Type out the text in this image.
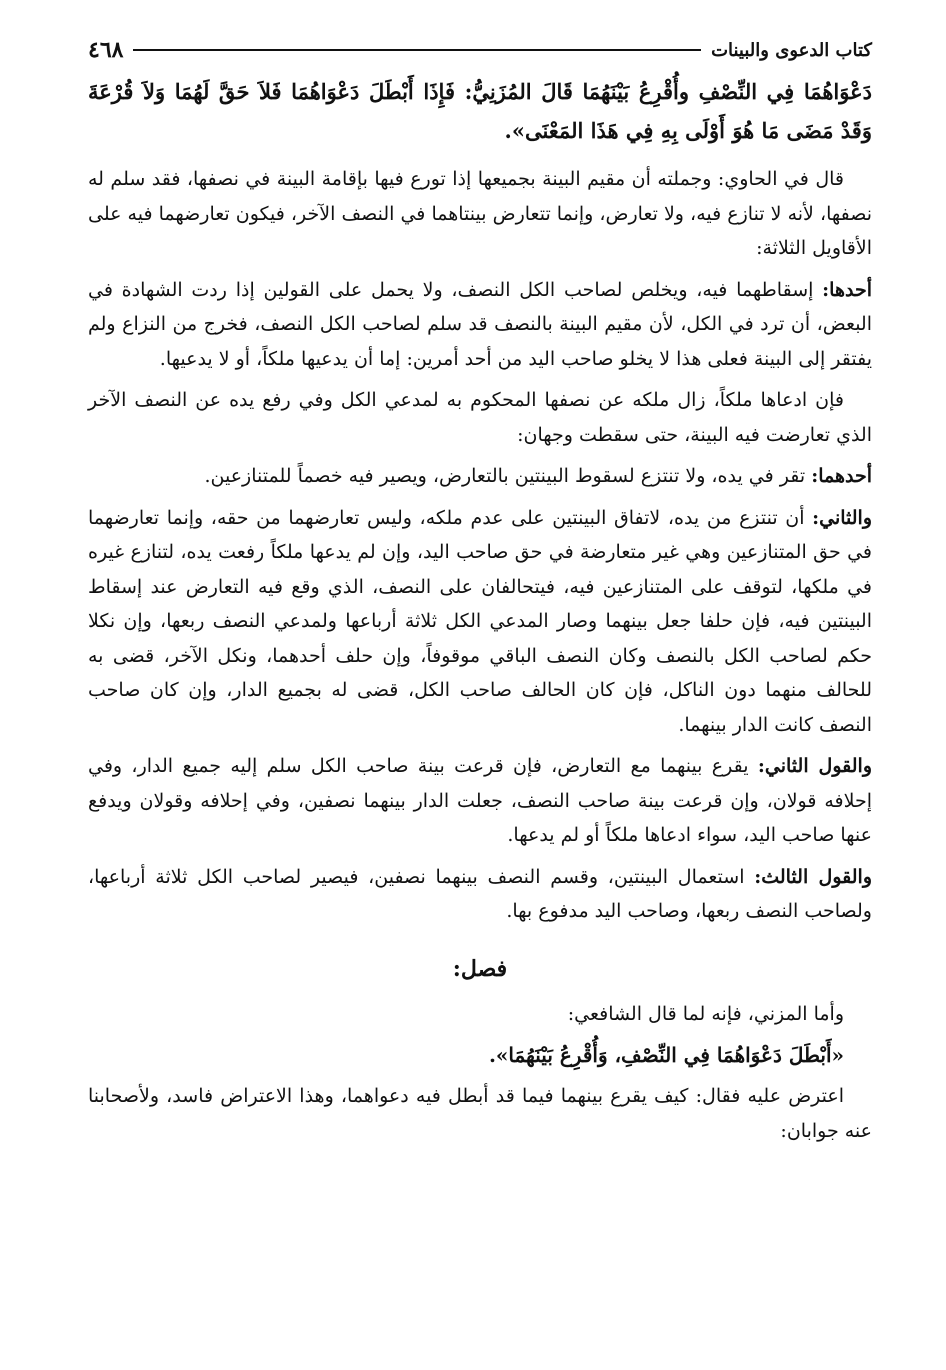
كتاب الدعوى والبينات
٤٦٨

دَعْوَاهُمَا فِي النِّصْفِ وأُقْرِعُ بَيْنَهُمَا قَالَ المُزَنِيُّ: فَإِذَا أَبْطَلَ دَعْوَاهُمَا فَلاَ حَقَّ لَهُمَا وَلاَ قُرْعَةَ وَقَدْ مَضَى مَا هُوَ أَوْلَى بِهِ فِي هَذَا المَعْنَى».

قال في الحاوي: وجملته أن مقيم البينة بجميعها إذا تورع فيها بإقامة البينة في نصفها، فقد سلم له نصفها، لأنه لا تنازع فيه، ولا تعارض، وإنما تتعارض بينتاهما في النصف الآخر، فيكون تعارضهما فيه على الأقاويل الثلاثة:

أحدها: إسقاطهما فيه، ويخلص لصاحب الكل النصف، ولا يحمل على القولين إذا ردت الشهادة في البعض، أن ترد في الكل، لأن مقيم البينة بالنصف قد سلم لصاحب الكل النصف، فخرج من النزاع ولم يفتقر إلى البينة فعلى هذا لا يخلو صاحب اليد من أحد أمرين: إما أن يدعيها ملكاً، أو لا يدعيها.

فإن ادعاها ملكاً، زال ملكه عن نصفها المحكوم به لمدعي الكل وفي رفع يده عن النصف الآخر الذي تعارضت فيه البينة، حتى سقطت وجهان:

أحدهما: تقر في يده، ولا تنتزع لسقوط البينتين بالتعارض، ويصير فيه خصماً للمتنازعين.

والثاني: أن تنتزع من يده، لاتفاق البينتين على عدم ملكه، وليس تعارضهما من حقه، وإنما تعارضهما في حق المتنازعين وهي غير متعارضة في حق صاحب اليد، وإن لم يدعها ملكاً رفعت يده، لتنازع غيره في ملكها، لتوقف على المتنازعين فيه، فيتحالفان على النصف، الذي وقع فيه التعارض عند إسقاط البينتين فيه، فإن حلفا جعل بينهما وصار المدعي الكل ثلاثة أرباعها ولمدعي النصف ربعها، وإن نكلا حكم لصاحب الكل بالنصف وكان النصف الباقي موقوفاً، وإن حلف أحدهما، ونكل الآخر، قضى به للحالف منهما دون الناكل، فإن كان الحالف صاحب الكل، قضى له بجميع الدار، وإن كان صاحب النصف كانت الدار بينهما.

والقول الثاني: يقرع بينهما مع التعارض، فإن قرعت بينة صاحب الكل سلم إليه جميع الدار، وفي إحلافه قولان، وإن قرعت بينة صاحب النصف، جعلت الدار بينهما نصفين، وفي إحلافه وقولان ويدفع عنها صاحب اليد، سواء ادعاها ملكاً أو لم يدعها.

والقول الثالث: استعمال البينتين، وقسم النصف بينهما نصفين، فيصير لصاحب الكل ثلاثة أرباعها، ولصاحب النصف ربعها، وصاحب اليد مدفوع بها.

فصل:

وأما المزني، فإنه لما قال الشافعي:

«أَبْطَلَ دَعْوَاهُمَا فِي النِّصْفِ، وَأُقْرِعُ بَيْنَهُمَا».

اعترض عليه فقال: كيف يقرع بينهما فيما قد أبطل فيه دعواهما، وهذا الاعتراض فاسد، ولأصحابنا عنه جوابان:
